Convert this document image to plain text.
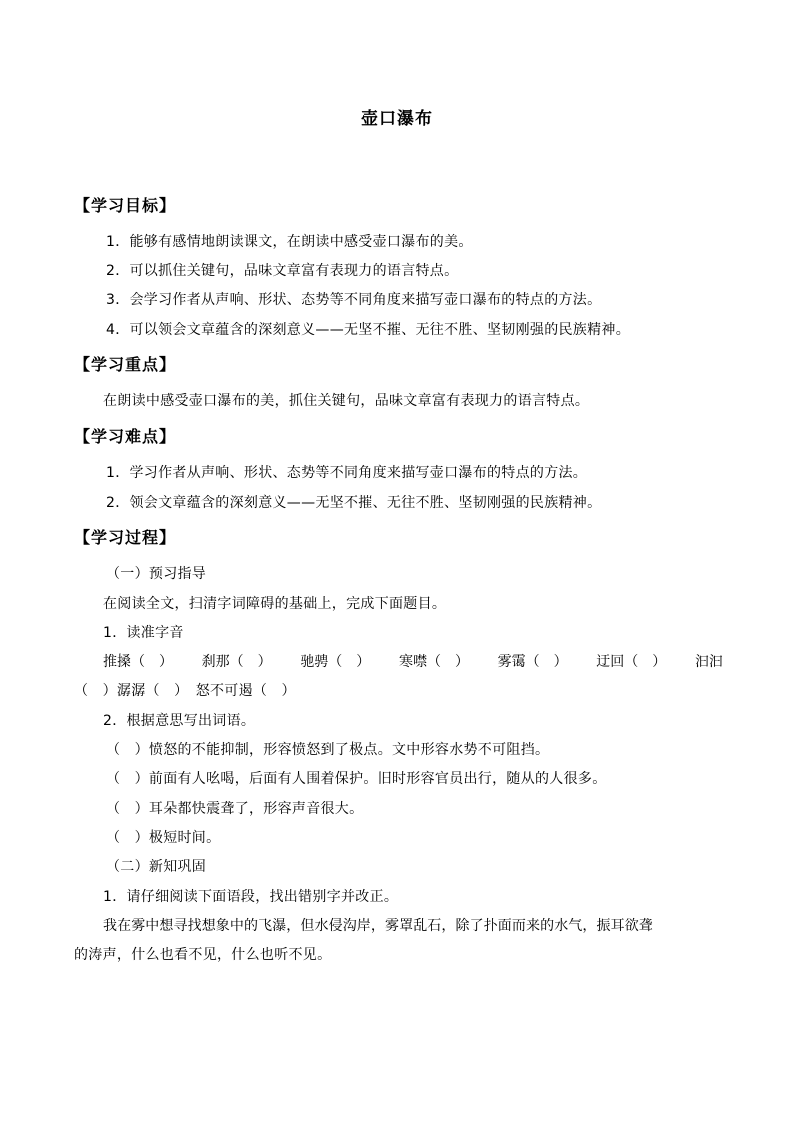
壶口瀑布
【学习目标】
1．能够有感情地朗读课文，在朗读中感受壶口瀑布的美。
2．可以抓住关键句，品味文章富有表现力的语言特点。
3．会学习作者从声响、形状、态势等不同角度来描写壶口瀑布的特点的方法。
4．可以领会文章蕴含的深刻意义——无坚不摧、无往不胜、坚韧刚强的民族精神。
【学习重点】
在朗读中感受壶口瀑布的美，抓住关键句，品味文章富有表现力的语言特点。
【学习难点】
1．学习作者从声响、形状、态势等不同角度来描写壶口瀑布的特点的方法。
2．领会文章蕴含的深刻意义——无坚不摧、无往不胜、坚韧刚强的民族精神。
【学习过程】
（一）预习指导
在阅读全文，扫清字词障碍的基础上，完成下面题目。
1．读准字音
推搡（　） 刹那（　） 驰骋（　） 寒噤（　） 雾霭（　） 迂回（　） 汩汩
（　）潺潺（　）　怒不可遏（　）
2．根据意思写出词语。
（　）愤怒的不能抑制，形容愤怒到了极点。文中形容水势不可阻挡。
（　）前面有人吆喝，后面有人围着保护。旧时形容官员出行，随从的人很多。
（　）耳朵都快震聋了，形容声音很大。
（　）极短时间。
（二）新知巩固
1．请仔细阅读下面语段，找出错别字并改正。
我在雾中想寻找想象中的飞瀑，但水侵沟岸，雾罩乱石，除了扑面而来的水气，振耳欲聋
的涛声，什么也看不见，什么也听不见。
